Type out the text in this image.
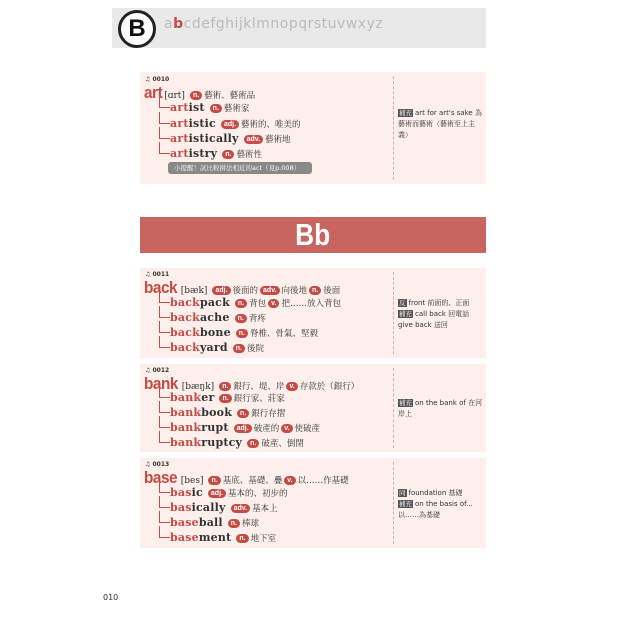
B abcdefghijklmnopqrstuvwxyz
♫ 0010
art [ɑrt]	n. 藝術、藝術品
artist	n. 藝術家
artistic	adj. 藝術的、唯美的
artistically	adv. 藝術地
artistry	n. 藝術性
補充 art for art's sake 為藝術而藝術（藝術至上主義）
小提醒！試比較拼法相近的act（見p.008）
Bb
♫ 0011
back [bæk]	adj. 後面的 adv. 向後地 n. 後面
backpack	n. 背包 v. 把……放入背包
backache	n. 背疼
backbone	n. 脊椎、骨氣、堅毅
backyard	n. 後院
反 front 前面的、正面
補充 call back 回電話
give back 送回
♫ 0012
bank [bæŋk]	n. 銀行、堤、岸 v. 存款於（銀行）
banker	n. 銀行家、莊家
bankbook	n. 銀行存摺
bankrupt	adj. 破產的 v. 使破產
bankruptcy	n. 破產、倒閉
補充 on the bank of 在河岸上
♫ 0013
base [bes]	n. 基底、基礎、疊 v. 以……作基礎
basic	adj. 基本的、初步的
basically	adv. 基本上
baseball	n. 棒球
basement	n. 地下室
同 foundation 基礎
補充 on the basis of... 以……為基礎
010
